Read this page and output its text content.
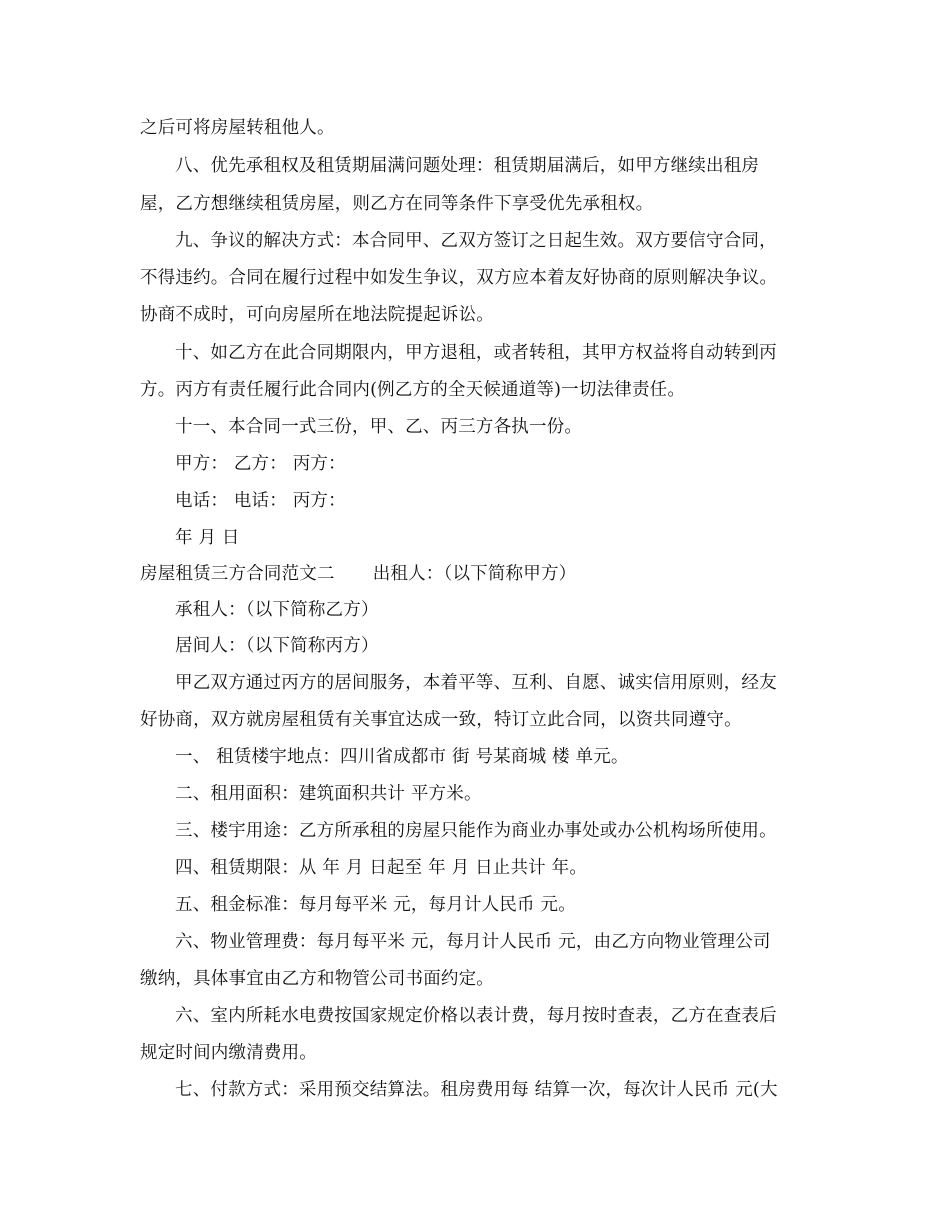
之后可将房屋转租他人。
八、优先承租权及租赁期届满问题处理：租赁期届满后，如甲方继续出租房
屋，乙方想继续租赁房屋，则乙方在同等条件下享受优先承租权。
九、争议的解决方式：本合同甲、乙双方签订之日起生效。双方要信守合同，
不得违约。合同在履行过程中如发生争议，双方应本着友好协商的原则解决争议。
协商不成时，可向房屋所在地法院提起诉讼。
十、如乙方在此合同期限内，甲方退租，或者转租，其甲方权益将自动转到丙
方。丙方有责任履行此合同内(例乙方的全天候通道等)一切法律责任。
十一、本合同一式三份，甲、乙、丙三方各执一份。
甲方： 乙方： 丙方：
电话： 电话： 丙方：
年 月 日
房屋租赁三方合同范文二 出租人：（以下简称甲方）
承租人：（以下简称乙方）
居间人：（以下简称丙方）
甲乙双方通过丙方的居间服务，本着平等、互利、自愿、诚实信用原则，经友
好协商，双方就房屋租赁有关事宜达成一致，特订立此合同，以资共同遵守。
一、 租赁楼宇地点：四川省成都市 街 号某商城 楼 单元。
二、租用面积：建筑面积共计 平方米。
三、楼宇用途：乙方所承租的房屋只能作为商业办事处或办公机构场所使用。
四、租赁期限：从 年 月 日起至 年 月 日止共计 年。
五、租金标准：每月每平米 元，每月计人民币 元。
六、物业管理费：每月每平米 元，每月计人民币 元，由乙方向物业管理公司
缴纳，具体事宜由乙方和物管公司书面约定。
六、室内所耗水电费按国家规定价格以表计费，每月按时查表，乙方在查表后
规定时间内缴清费用。
七、付款方式：采用预交结算法。租房费用每 结算一次，每次计人民币 元(大
